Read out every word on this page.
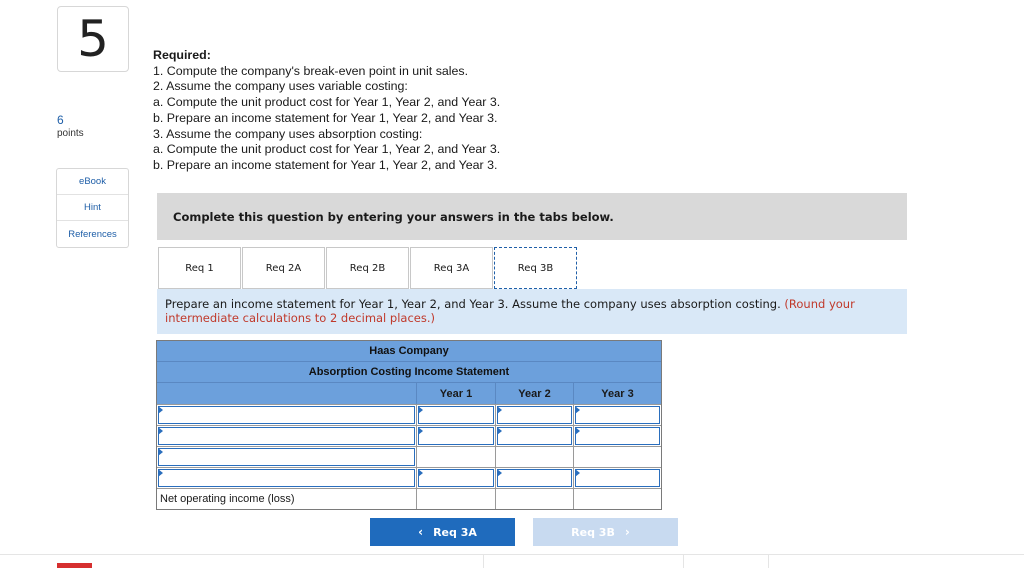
5
6
points
eBook
Hint
References
Required:
1. Compute the company's break-even point in unit sales.
2. Assume the company uses variable costing:
a. Compute the unit product cost for Year 1, Year 2, and Year 3.
b. Prepare an income statement for Year 1, Year 2, and Year 3.
3. Assume the company uses absorption costing:
a. Compute the unit product cost for Year 1, Year 2, and Year 3.
b. Prepare an income statement for Year 1, Year 2, and Year 3.
Complete this question by entering your answers in the tabs below.
Req 1	Req 2A	Req 2B	Req 3A	Req 3B
Prepare an income statement for Year 1, Year 2, and Year 3. Assume the company uses absorption costing. (Round your intermediate calculations to 2 decimal places.)
Haas Company
Absorption Costing Income Statement
Year 1	Year 2	Year 3
Net operating income (loss)
‹ Req 3A	Req 3B ›
